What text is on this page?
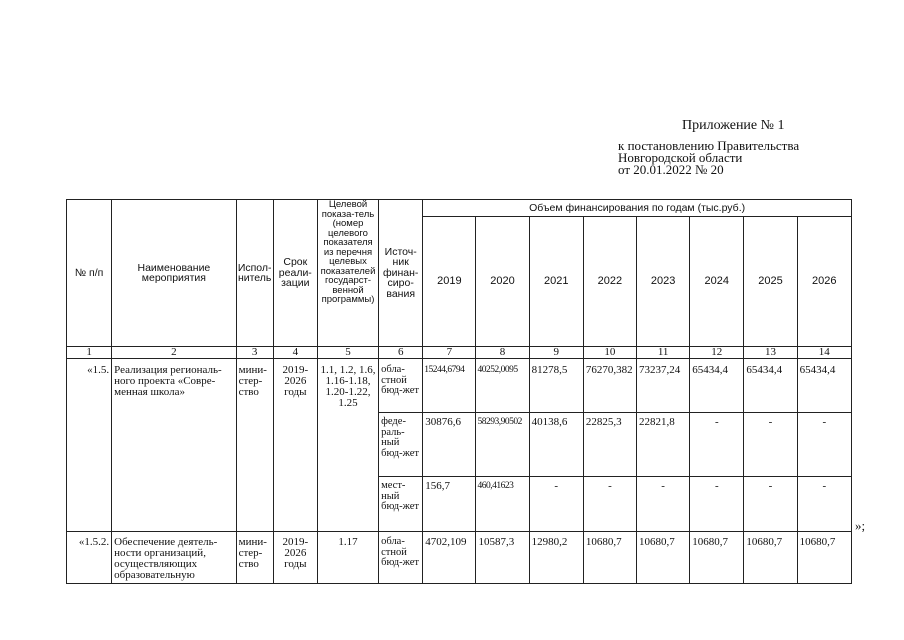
Приложение № 1
к постановлению Правительства
Новгородской области
от 20.01.2022 № 20
№ п/п	Наименование мероприятия	Испол-нитель	Срок реали-зации	Целевой показа-тель (номер целевого показателя из перечня целевых показателей государст-венной программы)	Источ-ник финан-сиро-вания	Объем финансирования по годам (тыс.руб.)							
						2019	2020	2021	2022	2023	2024	2025	2026
1	2	3	4	5	6	7	8	9	10	11	12	13	14
«1.5.	Реализация региональ-ного проекта «Совре-менная школа»	мини-стер-ство	2019-2026 годы	1.1, 1.2, 1.6, 1.16-1.18, 1.20-1.22, 1.25	обла-стной бюд-жет	15244,6794	40252,0095	81278,5	76270,382	73237,24	65434,4	65434,4	65434,4
					феде-раль-ный бюд-жет	30876,6	58293,90502	40138,6	22825,3	22821,8	-	-	-
					мест-ный бюд-жет	156,7	460,41623	-	-	-	-	-	-
«1.5.2.	Обеспечение деятель-ности организаций, осуществляющих образовательную	мини-стер-ство	2019-2026 годы	1.17	обла-стной бюд-жет	4702,109	10587,3	12980,2	10680,7	10680,7	10680,7	10680,7	10680,7
»;
